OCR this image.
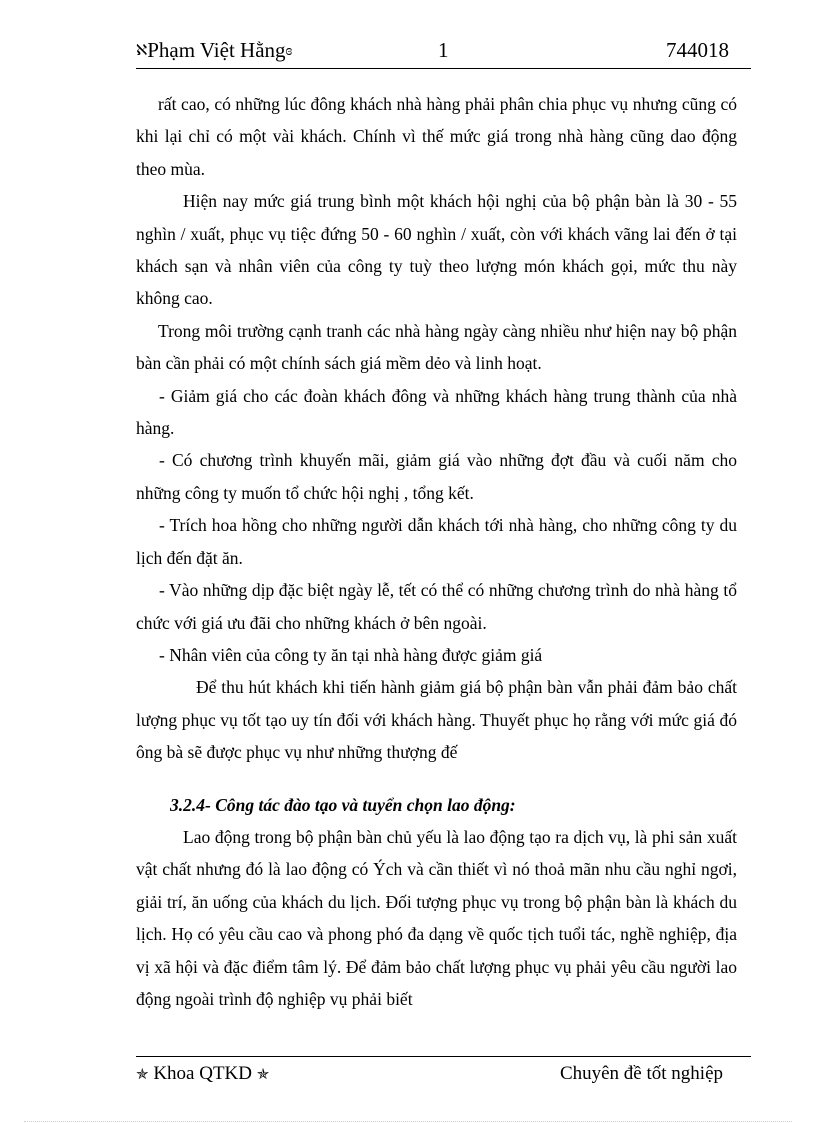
ℵPhạm Việt Hằngɞ	1	744018

rất cao, có những lúc đông khách nhà hàng phải phân chia phục vụ nhưng cũng có khi lại chỉ có một vài khách. Chính vì thế mức giá trong nhà hàng cũng dao động theo mùa.

Hiện nay mức giá trung bình một khách hội nghị của bộ phận bàn là 30 - 55 nghìn / xuất, phục vụ tiệc đứng 50 - 60 nghìn / xuất, còn với khách vãng lai đến ở tại khách sạn và nhân viên của công ty tuỳ theo lượng món khách gọi, mức thu này không cao.

Trong môi trường cạnh tranh các nhà hàng ngày càng nhiều như hiện nay bộ phận bàn cần phải có một chính sách giá mềm dẻo và linh hoạt.

- Giảm giá cho các đoàn khách đông và những khách hàng trung thành của nhà hàng.

- Có chương trình khuyến mãi, giảm giá vào những đợt đầu và cuối năm cho những công ty muốn tổ chức hội nghị , tổng kết.

- Trích hoa hồng cho những người dẫn khách tới nhà hàng, cho những công ty du lịch đến đặt ăn.

- Vào những dịp đặc biệt ngày lễ, tết có thể có những chương trình do nhà hàng tổ chức với giá ưu đãi cho những khách ở bên ngoài.

- Nhân viên của công ty ăn tại nhà hàng được giảm giá

Để thu hút khách khi tiến hành giảm giá bộ phận bàn vẫn phải đảm bảo chất lượng phục vụ tốt tạo uy tín đối với khách hàng. Thuyết phục họ rằng với mức giá đó ông bà sẽ được phục vụ như những thượng đế

3.2.4- Công tác đào tạo và tuyển chọn lao động:

Lao động trong bộ phận bàn chủ yếu là lao động tạo ra dịch vụ, là phi sản xuất vật chất nhưng đó là lao động có Ých và cần thiết vì nó thoả mãn nhu cầu nghỉ ngơi, giải trí, ăn uống của khách du lịch. Đối tượng phục vụ trong bộ phận bàn là khách du lịch. Họ có yêu cầu cao và phong phó đa dạng về quốc tịch tuổi tác, nghề nghiệp, địa vị xã hội và đặc điểm tâm lý. Để đảm bảo chất lượng phục vụ phải yêu cầu người lao động ngoài trình độ nghiệp vụ phải biết

✯ Khoa QTKD ✯	Chuyên đề tốt nghiệp
